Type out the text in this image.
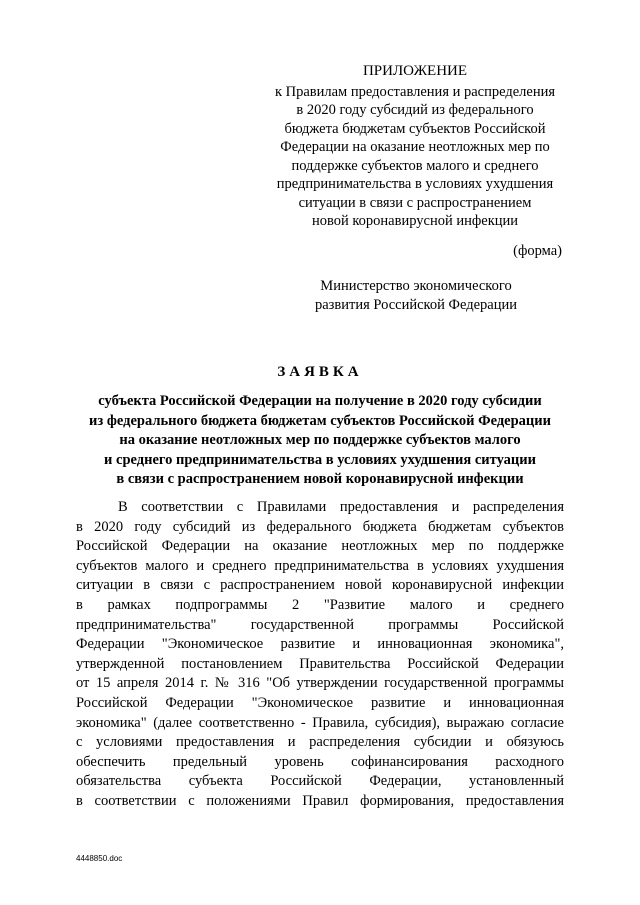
ПРИЛОЖЕНИЕ
к Правилам предоставления и распределения
в 2020 году субсидий из федерального
бюджета бюджетам субъектов Российской
Федерации на оказание неотложных мер по
поддержке субъектов малого и среднего
предпринимательства в условиях ухудшения
ситуации в связи с распространением
новой коронавирусной инфекции
(форма)
Министерство экономического
развития Российской Федерации
ЗАЯВКА
субъекта Российской Федерации на получение в 2020 году субсидии
из федерального бюджета бюджетам субъектов Российской Федерации
на оказание неотложных мер по поддержке субъектов малого
и среднего предпринимательства в условиях ухудшения ситуации
в связи с распространением новой коронавирусной инфекции
В соответствии с Правилами предоставления и распределения
в 2020 году субсидий из федерального бюджета бюджетам субъектов
Российской Федерации на оказание неотложных мер по поддержке
субъектов малого и среднего предпринимательства в условиях ухудшения
ситуации в связи с распространением новой коронавирусной инфекции
в рамках подпрограммы 2 "Развитие малого и среднего
предпринимательства" государственной программы Российской
Федерации "Экономическое развитие и инновационная экономика",
утвержденной постановлением Правительства Российской Федерации
от 15 апреля 2014 г. № 316 "Об утверждении государственной программы
Российской Федерации "Экономическое развитие и инновационная
экономика" (далее соответственно - Правила, субсидия), выражаю согласие
с условиями предоставления и распределения субсидии и обязуюсь
обеспечить предельный уровень софинансирования расходного
обязательства субъекта Российской Федерации, установленный
в соответствии с положениями Правил формирования, предоставления
4448850.doc
